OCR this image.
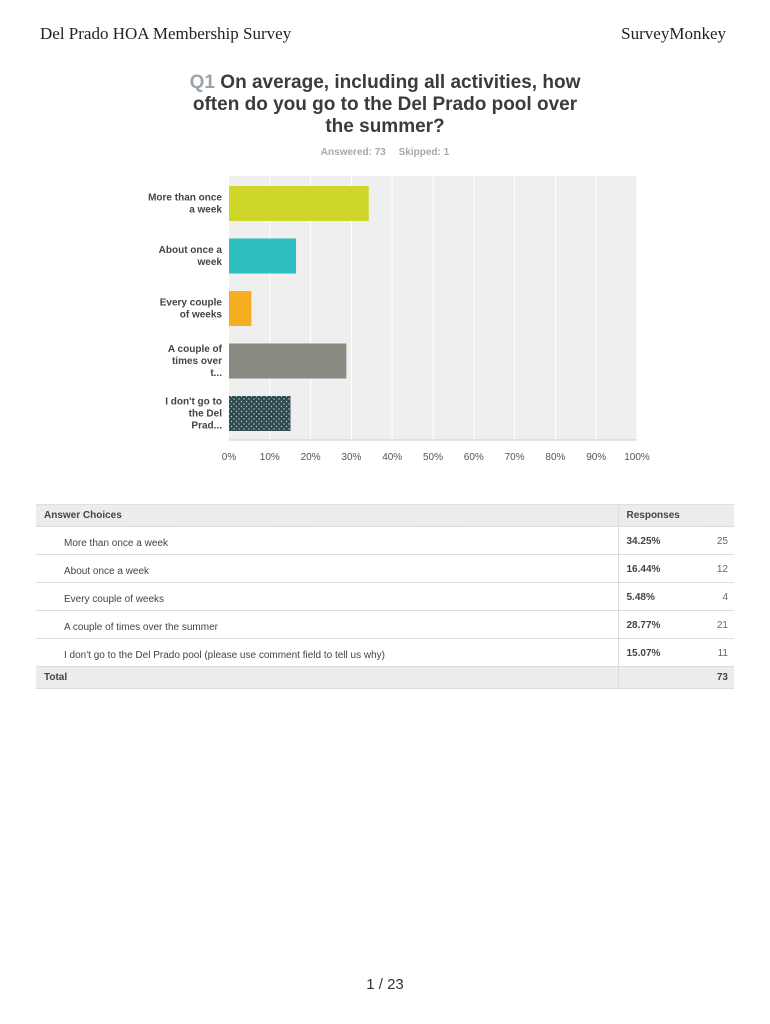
Del Prado HOA Membership Survey	SurveyMonkey
Q1 On average, including all activities, how often do you go to the Del Prado pool over the summer?
Answered: 73 Skipped: 1
0% 10% 20% 30% 40% 50% 60% 70% 80% 90% 100%
More than once a week
About once a week
Every couple of weeks
A couple of times over t...
I don't go to the Del Prad...
Answer Choices	Responses	
More than once a week	34.25%	25
About once a week	16.44%	12
Every couple of weeks	5.48%	4
A couple of times over the summer	28.77%	21
I don't go to the Del Prado pool (please use comment field to tell us why)	15.07%	11
Total		73
1 / 23
